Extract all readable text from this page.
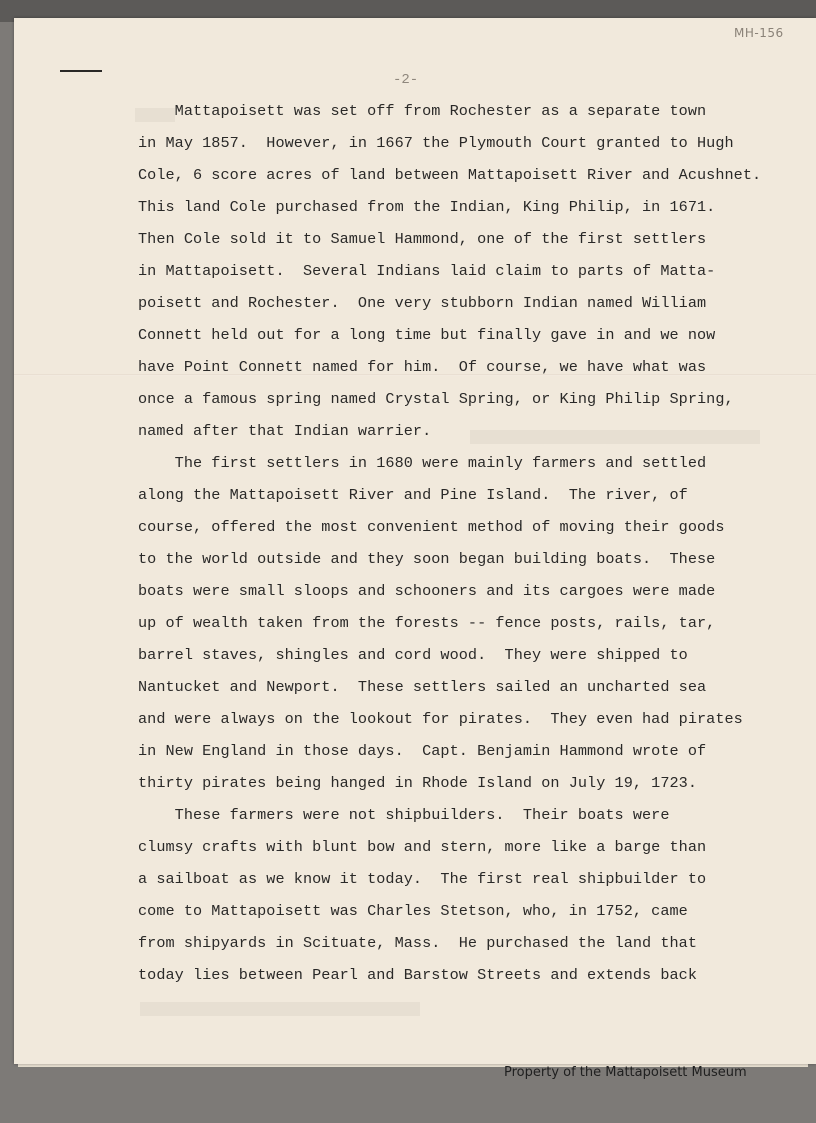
MH-156
-2-
Mattapoisett was set off from Rochester as a separate town
in May 1857.  However, in 1667 the Plymouth Court granted to Hugh
Cole, 6 score acres of land between Mattapoisett River and Acushnet.
This land Cole purchased from the Indian, King Philip, in 1671.
Then Cole sold it to Samuel Hammond, one of the first settlers
in Mattapoisett.  Several Indians laid claim to parts of Matta-
poisett and Rochester.  One very stubborn Indian named William
Connett held out for a long time but finally gave in and we now
have Point Connett named for him.  Of course, we have what was
once a famous spring named Crystal Spring, or King Philip Spring,
named after that Indian warrier.
The first settlers in 1680 were mainly farmers and settled
along the Mattapoisett River and Pine Island.  The river, of
course, offered the most convenient method of moving their goods
to the world outside and they soon began building boats.  These
boats were small sloops and schooners and its cargoes were made
up of wealth taken from the forests -- fence posts, rails, tar,
barrel staves, shingles and cord wood.  They were shipped to
Nantucket and Newport.  These settlers sailed an uncharted sea
and were always on the lookout for pirates.  They even had pirates
in New England in those days.  Capt. Benjamin Hammond wrote of
thirty pirates being hanged in Rhode Island on July 19, 1723.
These farmers were not shipbuilders.  Their boats were
clumsy crafts with blunt bow and stern, more like a barge than
a sailboat as we know it today.  The first real shipbuilder to
come to Mattapoisett was Charles Stetson, who, in 1752, came
from shipyards in Scituate, Mass.  He purchased the land that
today lies between Pearl and Barstow Streets and extends back
Property of the Mattapoisett Museum
